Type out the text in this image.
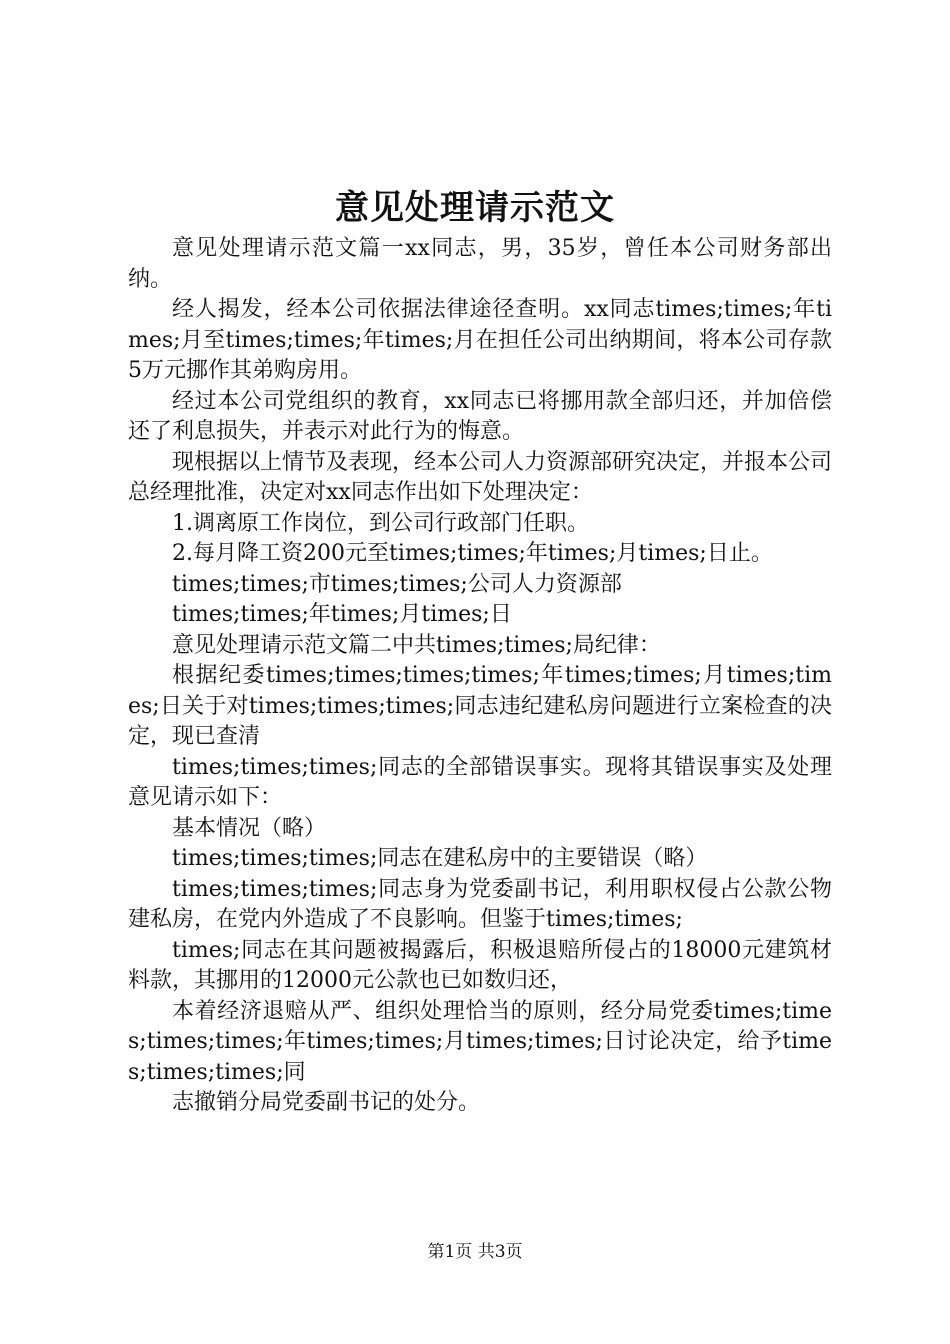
意见处理请示范文

意见处理请示范文篇一xx同志，男，35岁，曾任本公司财务部出纳。

经人揭发，经本公司依据法律途径查明。xx同志times;times;年times;月至times;times;年times;月在担任公司出纳期间，将本公司存款5万元挪作其弟购房用。

经过本公司党组织的教育，xx同志已将挪用款全部归还，并加倍偿还了利息损失，并表示对此行为的悔意。

现根据以上情节及表现，经本公司人力资源部研究决定，并报本公司总经理批准，决定对xx同志作出如下处理决定：

1.调离原工作岗位，到公司行政部门任职。

2.每月降工资200元至times;times;年times;月times;日止。

times;times;市times;times;公司人力资源部

times;times;年times;月times;日

意见处理请示范文篇二中共times;times;局纪律：

根据纪委times;times;times;times;年times;times;月times;times;日关于对times;times;times;同志违纪建私房问题进行立案检查的决定，现已查清

times;times;times;同志的全部错误事实。现将其错误事实及处理意见请示如下：

基本情况（略）

times;times;times;同志在建私房中的主要错误（略）

times;times;times;同志身为党委副书记，利用职权侵占公款公物建私房，在党内外造成了不良影响。但鉴于times;times;

times;同志在其问题被揭露后，积极退赔所侵占的18000元建筑材料款，其挪用的12000元公款也已如数归还，

本着经济退赔从严、组织处理恰当的原则，经分局党委times;times;times;times;年times;times;月times;times;日讨论决定，给予times;times;times;同

志撤销分局党委副书记的处分。

第1页 共3页
